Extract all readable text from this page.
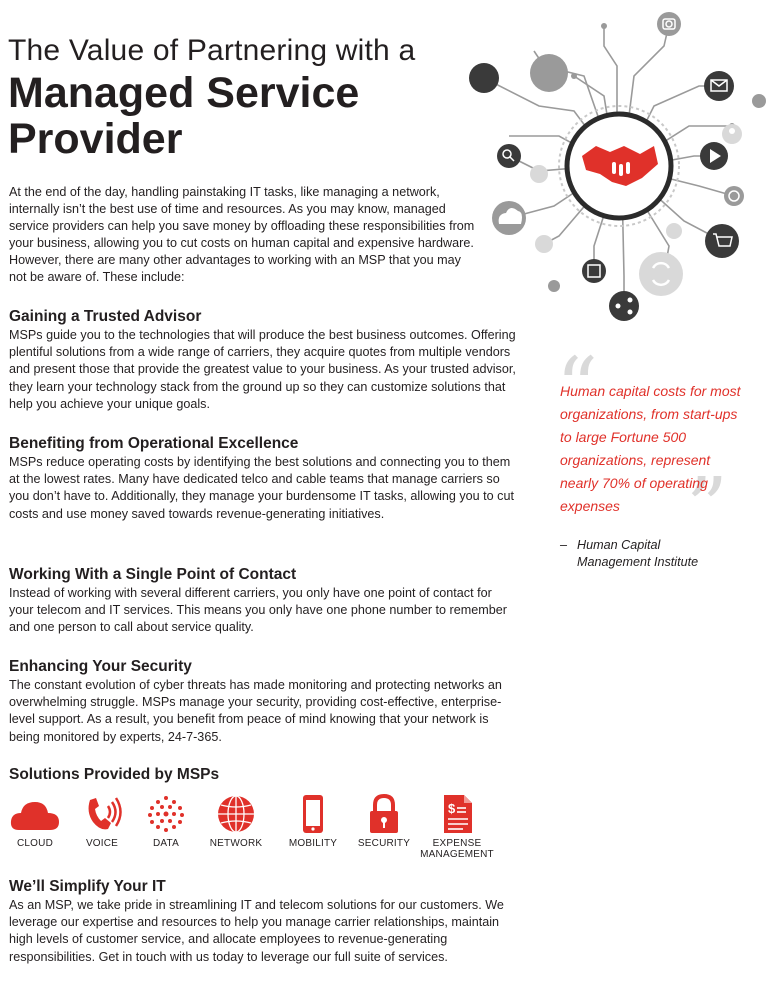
The Value of Partnering with a
Managed Service Provider

At the end of the day, handling painstaking IT tasks, like managing a network, internally isn’t the best use of time and resources. As you may know, managed service providers can help you save money by offloading these responsibilities from your business, allowing you to cut costs on human capital and expensive hardware. However, there are many other advantages to working with an MSP that you may not be aware of. These include:

Gaining a Trusted Advisor

MSPs guide you to the technologies that will produce the best business outcomes. Offering plentiful solutions from a wide range of carriers, they acquire quotes from multiple vendors and present those that provide the greatest value to your business. As your trusted advisor, they learn your technology stack from the ground up so they can customize solutions that help you achieve your unique goals.

Benefiting from Operational Excellence

MSPs reduce operating costs by identifying the best solutions and connecting you to them at the lowest rates. Many have dedicated telco and cable teams that manage carriers so you don’t have to. Additionally, they manage your burdensome IT tasks, allowing you to cut costs and use money saved towards revenue-generating initiatives.

Working With a Single Point of Contact

Instead of working with several different carriers, you only have one point of contact for your telecom and IT services. This means you only have one phone number to remember and one person to call about service quality.

Enhancing Your Security

The constant evolution of cyber threats has made monitoring and protecting networks an overwhelming struggle. MSPs manage your security, providing cost-effective, enterprise-level support. As a result, you benefit from peace of mind knowing that your network is being monitored by experts, 24-7-365.

We’ll Simplify Your IT

As an MSP, we take pride in streamlining IT and telecom solutions for our customers. We leverage our expertise and resources to help you manage carrier relationships, maintain high levels of customer service, and allocate employees to revenue-generating responsibilities. Get in touch with us today to leverage our full suite of services.

“
”

Human capital costs for most organizations, from start-ups to large Fortune 500 organizations, represent nearly 70% of operating expenses

– Human Capital Management Institute
Solutions Provided by MSPs
CLOUD	VOICE	DATA	NETWORK	MOBILITY	SECURITY
$
EXPENSE MANAGEMENT
